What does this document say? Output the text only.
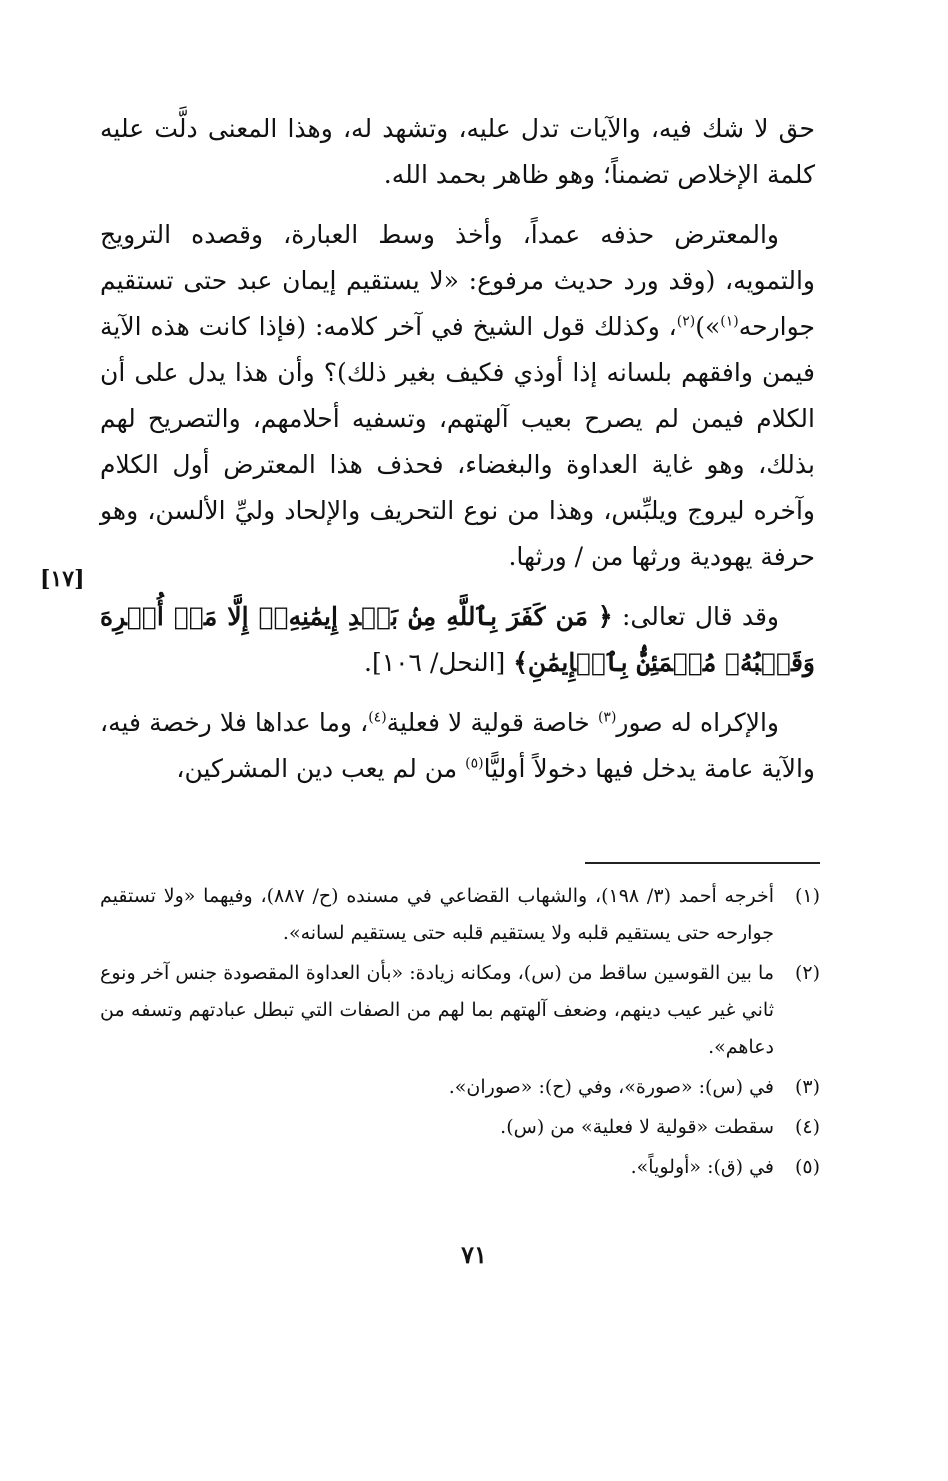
حق لا شك فيه، والآيات تدل عليه، وتشهد له، وهذا المعنى دلَّت عليه كلمة الإخلاص تضمناً؛ وهو ظاهر بحمد الله.

والمعترض حذفه عمداً، وأخذ وسط العبارة، وقصده الترويج والتمويه، (وقد ورد حديث مرفوع: «لا يستقيم إيمان عبد حتى تستقيم جوارحه$^{(١)}$»)$^{(٢)}$، وكذلك قول الشيخ في آخر كلامه: (فإذا كانت هذه الآية فيمن وافقهم بلسانه إذا أوذي فكيف بغير ذلك)؟ وأن هذا يدل على أن الكلام فيمن لم يصرح بعيب آلهتهم، وتسفيه أحلامهم، والتصريح لهم بذلك، وهو غاية العداوة والبغضاء، فحذف هذا المعترض أول الكلام وآخره ليروج ويلبِّس، وهذا من نوع التحريف والإلحاد وليِّ الألسن، وهو حرفة يهودية ورثها من / ورثها.

وقد قال تعالى: ﴿ مَن كَفَرَ بِٱللَّهِ مِنۢ بَعۡدِ إِيمَٰنِهِۦٓ إِلَّا مَنۡ أُكۡرِهَ وَقَلۡبُهُۥ مُطۡمَئِنُّۢ بِٱلۡإِيمَٰنِ﴾ [النحل/ ١٠٦].

والإكراه له صور$^{(٣)}$ خاصة قولية لا فعلية$^{(٤)}$، وما عداها فلا رخصة فيه، والآية عامة يدخل فيها دخولاً أوليًّا$^{(٥)}$ من لم يعب دين المشركين،

[١٧]
(١)
أخرجه أحمد (٣/ ١٩٨)، والشهاب القضاعي في مسنده (ح/ ٨٨٧)، وفيهما «ولا تستقيم جوارحه حتى يستقيم قلبه ولا يستقيم قلبه حتى يستقيم لسانه».
(٢)
ما بين القوسين ساقط من (س)، ومكانه زيادة: «بأن العداوة المقصودة جنس آخر ونوع ثاني غير عيب دينهم، وضعف آلهتهم بما لهم من الصفات التي تبطل عبادتهم وتسفه من دعاهم».
(٣)
في (س): «صورة»، وفي (ح): «صوران».
(٤)
سقطت «قولية لا فعلية» من (س).
(٥)
في (ق): «أولوياً».
٧١
